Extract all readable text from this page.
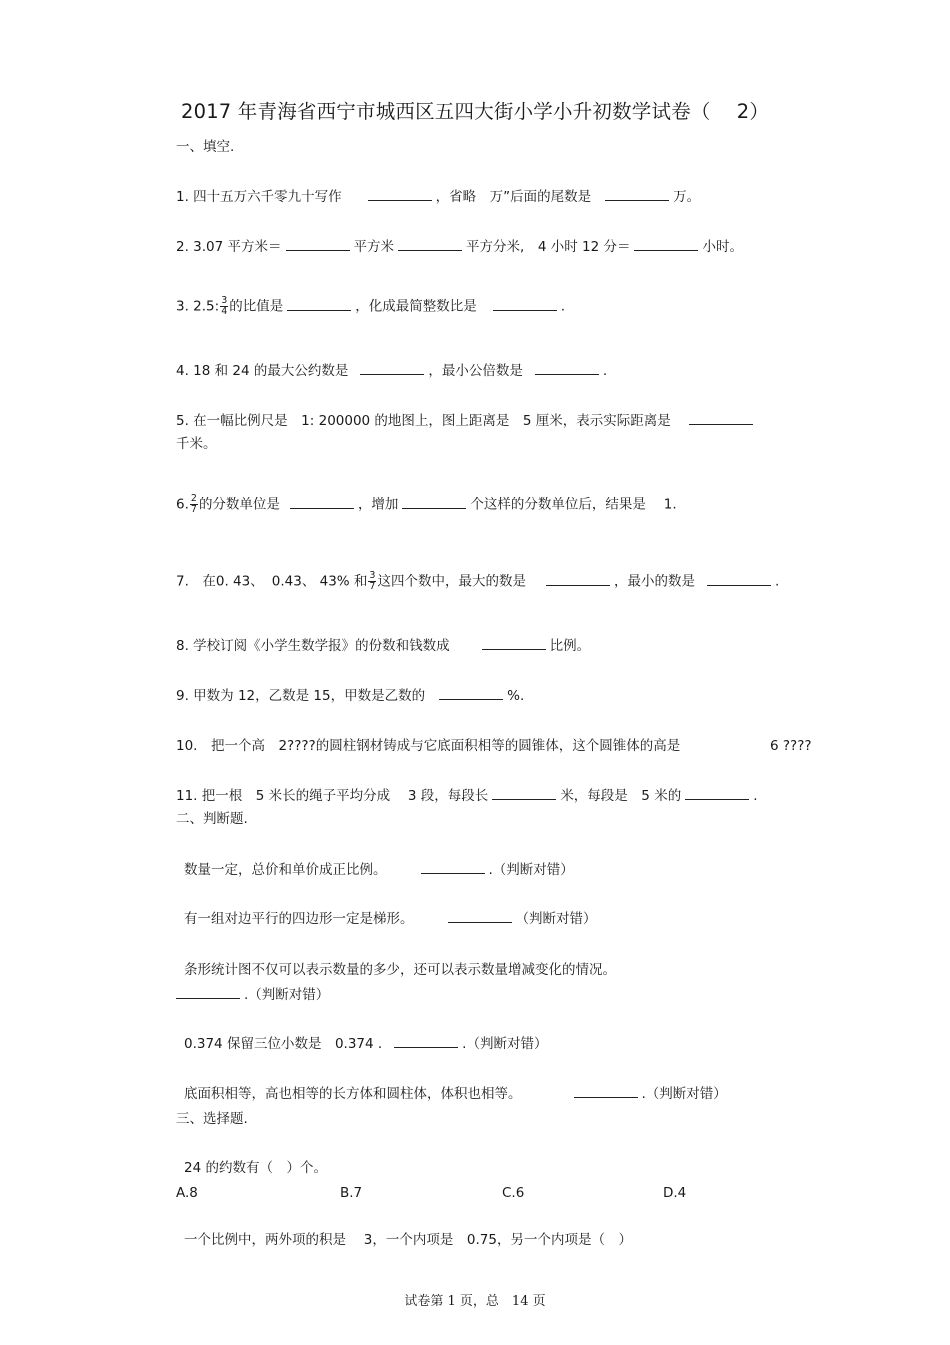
2017 年青海省西宁市城西区五四大街小学小升初数学试卷（　 2）
一、填空.
1. 四十五万六千零九十写作	，省略　万”后面的尾数是	万。
2. 3.07 平方米＝	平方米	平方分米,　4 小时 12 分＝	小时。
3. 2.5: $\frac{3}{4}$ 的比值是	，化成最简整数比是	.
4. 18 和 24 的最大公约数是	，最小公倍数是	.
5. 在一幅比例尺是　1: 200000 的地图上，图上距离是　5 厘米，表示实际距离是
千米。
6. $\frac{2}{7}$ 的分数单位是	，增加	个这样的分数单位后，结果是　 1.
7.　在0. 43、 0.43、 43% 和 $\frac{3}{7}$ 这四个数中，最大的数是	，最小的数是	.
8. 学校订阅《小学生数学报》的份数和钱数成	比例。
9. 甲数为 12，乙数是 15，甲数是乙数的	%.
10.　把一个高　2????的圆柱钢材铸成与它底面积相等的圆锥体，这个圆锥体的高是	6 ????
11. 把一根　5 米长的绳子平均分成　 3 段，每段长	米，每段是　5 米的	.
二、判断题.
数量一定，总价和单价成正比例。	.（判断对错）
有一组对边平行的四边形一定是梯形。	（判断对错）
条形统计图不仅可以表示数量的多少，还可以表示数量增减变化的情况。
.（判断对错）
0.374 保留三位小数是　0.374 .	.（判断对错）
底面积相等，高也相等的长方体和圆柱体，体积也相等。	.（判断对错）
三、选择题.
24 的约数有（　）个。
A.8	B.7	C.6	D.4
一个比例中，两外项的积是　 3，一个内项是　0.75，另一个内项是（　）
试卷第 1 页，总　14 页
